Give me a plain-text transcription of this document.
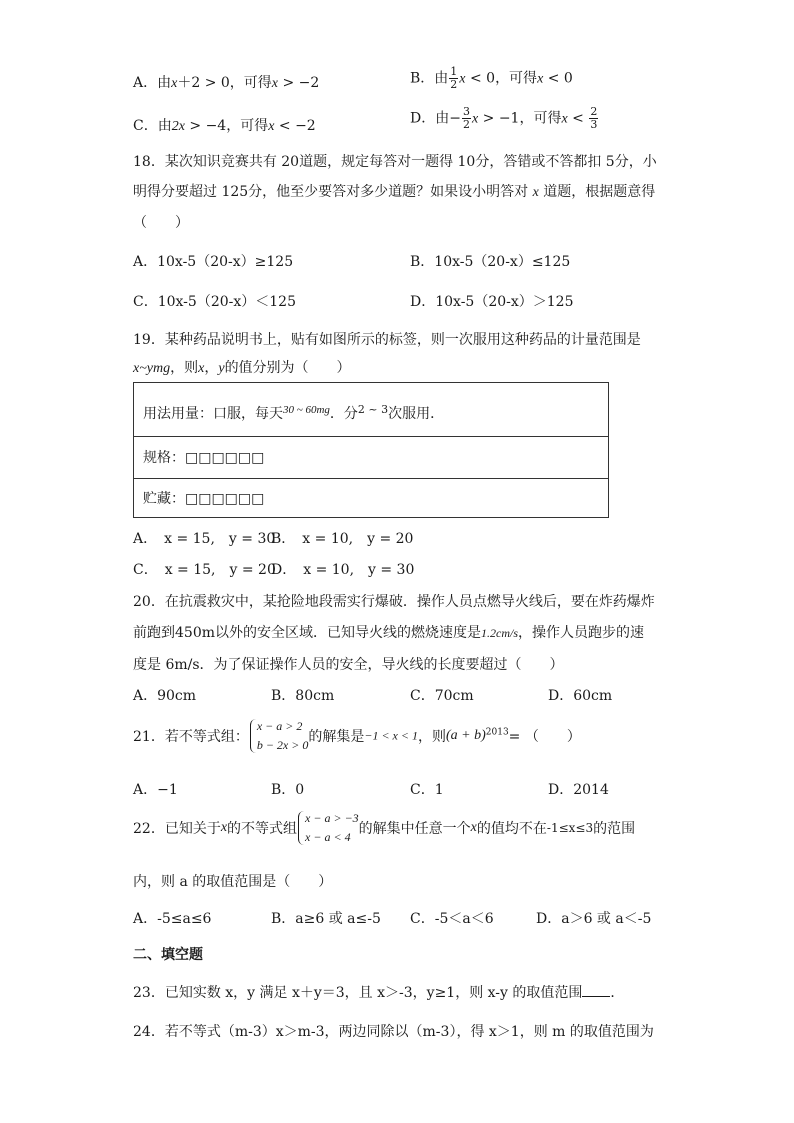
A．由x＋2 > 0，可得x > −2	B．由 $\frac{1}{2}$ x < 0，可得x < 0
C．由2x > −4，可得x < −2	D．由− $\frac{3}{2}$ x > −1，可得$x < \frac{2}{3}$
18．某次知识竞赛共有 20道题，规定每答对一题得 10分，答错或不答都扣 5分，小
明得分要超过 125分，他至少要答对多少道题？如果设小明答对 x 道题，根据题意得
（　　）
A．10x-5（20-x）≥125	B．10x-5（20-x）≤125
C．10x-5（20-x）＜125	D．10x-5（20-x）＞125
19．某种药品说明书上，贴有如图所示的标签，则一次服用这种药品的计量范围是
x~ymg，则x，y的值分别为（　　）
用法用量：口服，每天$^{30 \sim 60mg}$．分$^{2 \sim 3}$次服用．
规格：□□□□□□
贮藏：□□□□□□
A．　x = 15,　y = 30
B．　x = 10,　y = 20
C．　x = 15,　y = 20
D．　x = 10,　y = 30
20．在抗震救灾中，某抢险地段需实行爆破．操作人员点燃导火线后，要在炸药爆炸
前跑到450m以外的安全区域．已知导火线的燃烧速度是1.2cm/s，操作人员跑步的速
度是 6m/s．为了保证操作人员的安全，导火线的长度要超过（　　）
A．90cm	B．80cm	C．70cm	D．60cm
21．若不等式组：
x − a > 2
b − 2x > 0 的解集是−1 < x < 1，则$(a + b)^{2013}=$ （　　）
A．−1	B．0	C．1	D．2014
22．已知关于x的不等式组
x − a > −3
x − a < 4 的解集中任意一个x的值均不在-1≤x≤3的范围
内，则 a 的取值范围是（　　）
A．-5≤a≤6	B．a≥6 或 a≤-5 C．-5＜a＜6	D．a＞6 或 a＜-5
二、填空题
23．已知实数 x，y 满足 x＋y＝3，且 x＞-3，y≥1，则 x-y 的取值范围 ．
24．若不等式（m-3）x＞m-3，两边同除以（m-3），得 x＞1，则 m 的取值范围为
